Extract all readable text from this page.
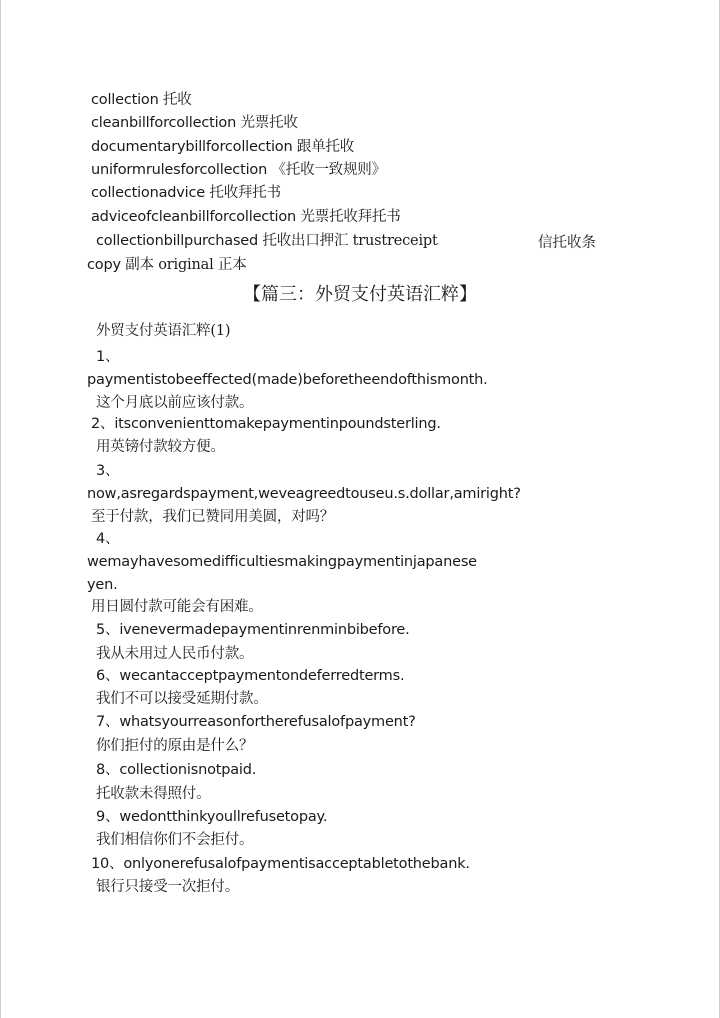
collection 托收
cleanbillforcollection 光票托收
documentarybillforcollection 跟单托收
uniformrulesforcollection 《托收一致规则》
collectionadvice 托收拜托书
adviceofcleanbillforcollection 光票托收拜托书
collectionbillpurchased 托收出口押汇 trustreceipt	信托收条
copy 副本 original 正本
【篇三：外贸支付英语汇粹】
外贸支付英语汇粹(1)
1、
paymentistobeeffected(made)beforetheendofthismonth.
这个月底以前应该付款。
2、itsconvenienttomakepaymentinpoundsterling.
用英镑付款较方便。
3、
now,asregardspayment,weveagreedtouseu.s.dollar,amiright?
至于付款，我们已赞同用美圆，对吗？
4、
wemayhavesomedifficultiesmakingpaymentinjapanese
yen.
用日圆付款可能会有困难。
5、ivenevermadepaymentinrenminbibefore.
我从未用过人民币付款。
6、wecantacceptpaymentondeferredterms.
我们不可以接受延期付款。
7、whatsyourreasonfortherefusalofpayment?
你们拒付的原由是什么？
8、collectionisnotpaid.
托收款未得照付。
9、wedontthinkyoullrefusetopay.
我们相信你们不会拒付。
10、onlyonerefusalofpaymentisacceptabletothebank.
银行只接受一次拒付。
